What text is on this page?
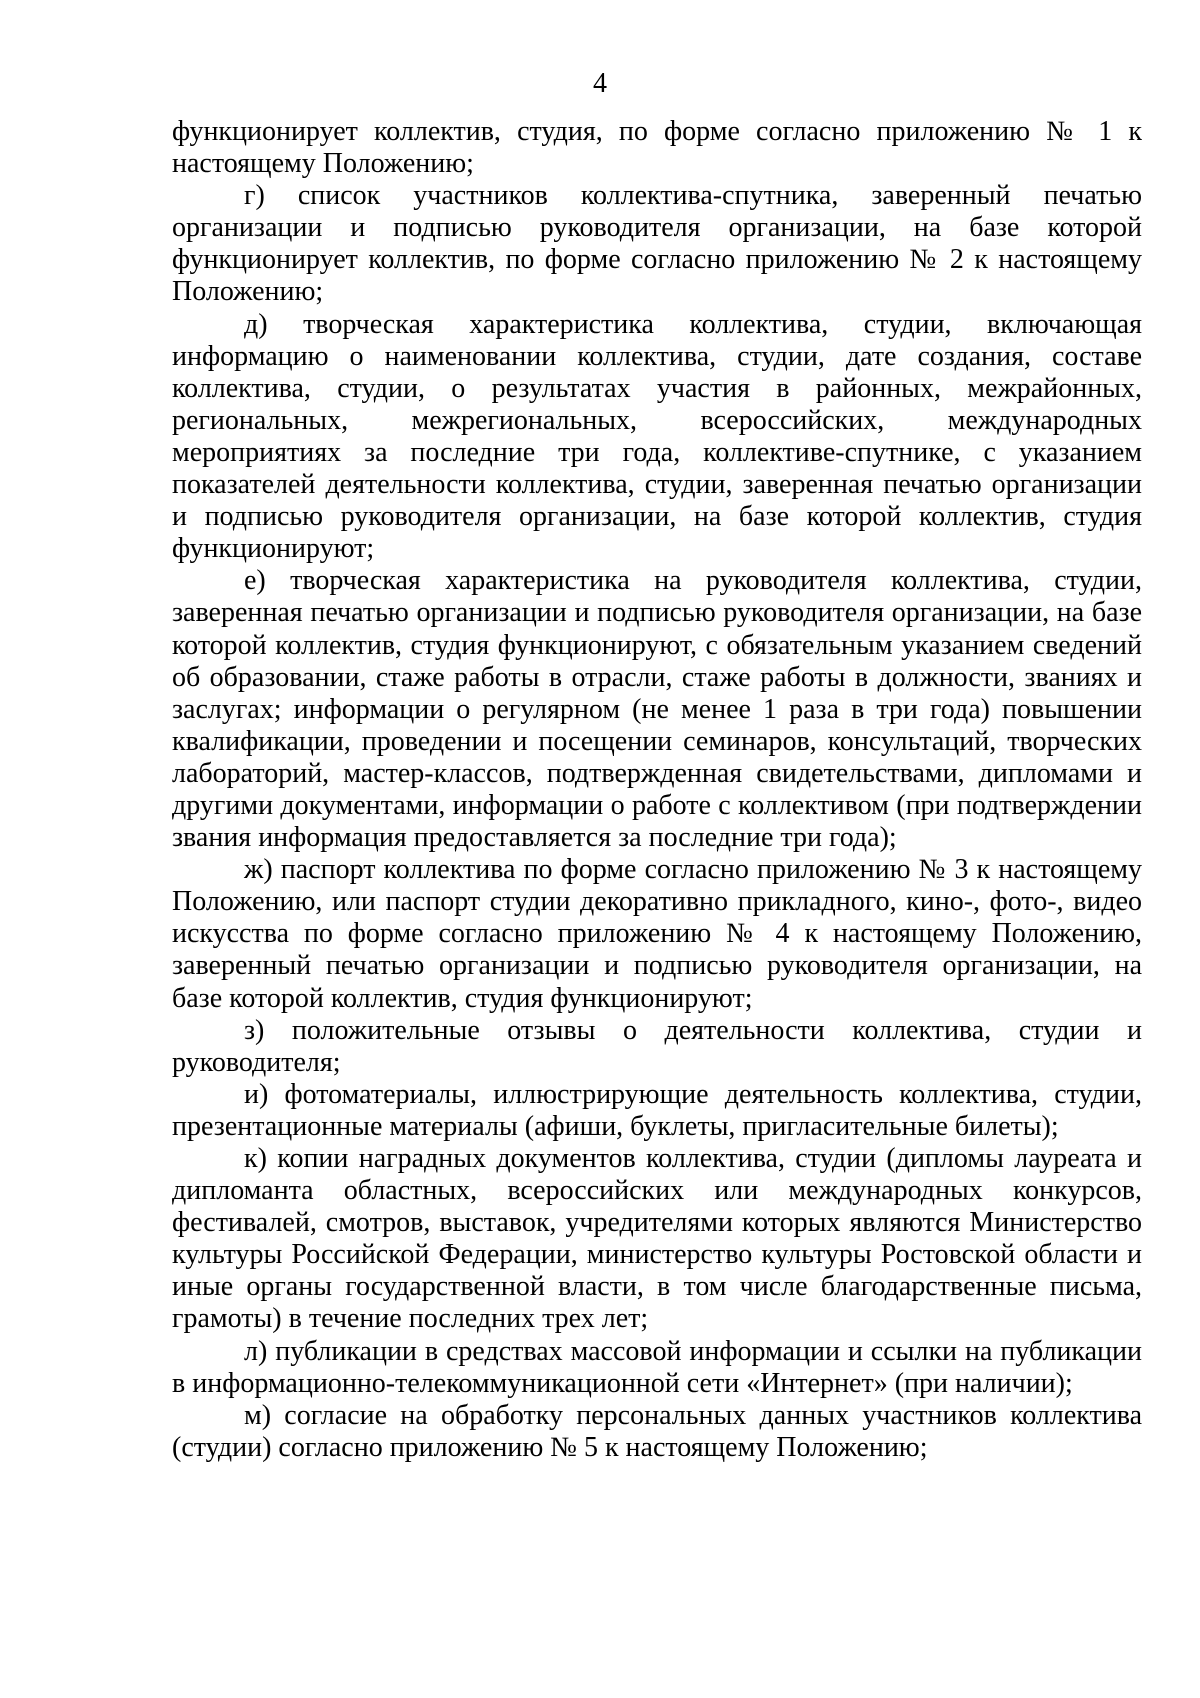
4

функционирует коллектив, студия, по форме согласно приложению № 1 к настоящему Положению;

г) список участников коллектива-спутника, заверенный печатью организации и подписью руководителя организации, на базе которой функционирует коллектив, по форме согласно приложению № 2 к настоящему Положению;

д) творческая характеристика коллектива, студии, включающая информацию о наименовании коллектива, студии, дате создания, составе коллектива, студии, о результатах участия в районных, межрайонных, региональных, межрегиональных, всероссийских, международных мероприятиях за последние три года, коллективе-спутнике, с указанием показателей деятельности коллектива, студии, заверенная печатью организации и подписью руководителя организации, на базе которой коллектив, студия функционируют;

е) творческая характеристика на руководителя коллектива, студии, заверенная печатью организации и подписью руководителя организации, на базе которой коллектив, студия функционируют, с обязательным указанием сведений об образовании, стаже работы в отрасли, стаже работы в должности, званиях и заслугах; информации о регулярном (не менее 1 раза в три года) повышении квалификации, проведении и посещении семинаров, консультаций, творческих лабораторий, мастер-классов, подтвержденная свидетельствами, дипломами и другими документами, информации о работе с коллективом (при подтверждении звания информация предоставляется за последние три года);

ж) паспорт коллектива по форме согласно приложению № 3 к настоящему Положению, или паспорт студии декоративно прикладного, кино-, фото-, видео искусства по форме согласно приложению № 4 к настоящему Положению, заверенный печатью организации и подписью руководителя организации, на базе которой коллектив, студия функционируют;

з) положительные отзывы о деятельности коллектива, студии и руководителя;

и) фотоматериалы, иллюстрирующие деятельность коллектива, студии, презентационные материалы (афиши, буклеты, пригласительные билеты);

к) копии наградных документов коллектива, студии (дипломы лауреата и дипломанта областных, всероссийских или международных конкурсов, фестивалей, смотров, выставок, учредителями которых являются Министерство культуры Российской Федерации, министерство культуры Ростовской области и иные органы государственной власти, в том числе благодарственные письма, грамоты) в течение последних трех лет;

л) публикации в средствах массовой информации и ссылки на публикации в информационно-телекоммуникационной сети «Интернет» (при наличии);

м) согласие на обработку персональных данных участников коллектива (студии) согласно приложению № 5 к настоящему Положению;
